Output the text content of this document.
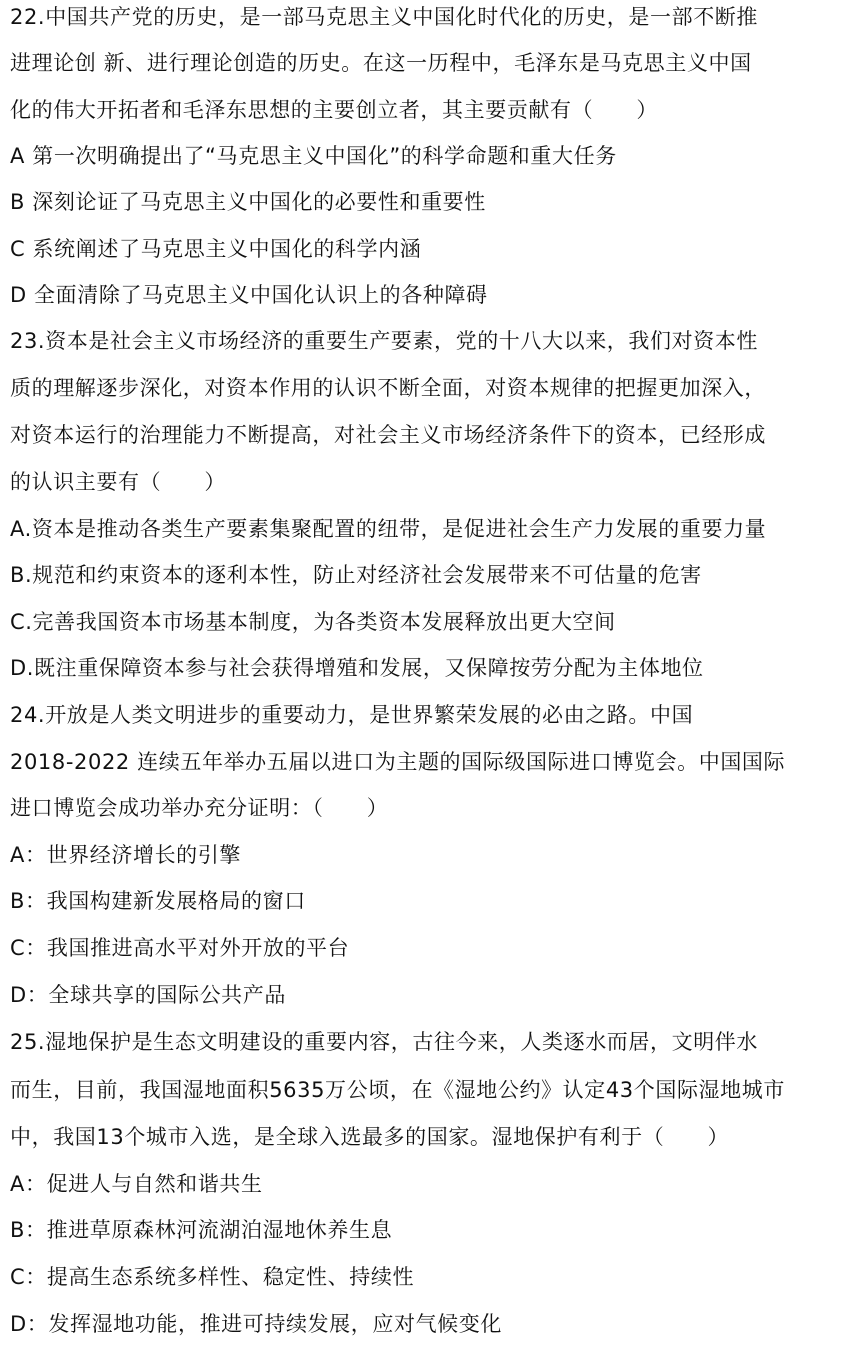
22.中国共产党的历史，是一部马克思主义中国化时代化的历史，是一部不断推
进理论创 新、进行理论创造的历史。在这一历程中，毛泽东是马克思主义中国
化的伟大开拓者和毛泽东思想的主要创立者，其主要贡献有（　　）
A 第一次明确提出了“马克思主义中国化”的科学命题和重大任务
B 深刻论证了马克思主义中国化的必要性和重要性
C 系统阐述了马克思主义中国化的科学内涵
D 全面清除了马克思主义中国化认识上的各种障碍
23.资本是社会主义市场经济的重要生产要素，党的十八大以来，我们对资本性
质的理解逐步深化，对资本作用的认识不断全面，对资本规律的把握更加深入，
对资本运行的治理能力不断提高，对社会主义市场经济条件下的资本，已经形成
的认识主要有（　　）
A.资本是推动各类生产要素集聚配置的纽带，是促进社会生产力发展的重要力量
B.规范和约束资本的逐利本性，防止对经济社会发展带来不可估量的危害
C.完善我国资本市场基本制度，为各类资本发展释放出更大空间
D.既注重保障资本参与社会获得增殖和发展，又保障按劳分配为主体地位
24.开放是人类文明进步的重要动力，是世界繁荣发展的必由之路。中国
2018-2022 连续五年举办五届以进口为主题的国际级国际进口博览会。中国国际
进口博览会成功举办充分证明：（　　）
A：世界经济增长的引擎
B：我国构建新发展格局的窗口
C：我国推进高水平对外开放的平台
D：全球共享的国际公共产品
25.湿地保护是生态文明建设的重要内容，古往今来，人类逐水而居，文明伴水
而生，目前，我国湿地面积5635万公顷，在《湿地公约》认定43个国际湿地城市
中，我国13个城市入选，是全球入选最多的国家。湿地保护有利于（　　）
A：促进人与自然和谐共生
B：推进草原森林河流湖泊湿地休养生息
C：提高生态系统多样性、稳定性、持续性
D：发挥湿地功能，推进可持续发展，应对气候变化
